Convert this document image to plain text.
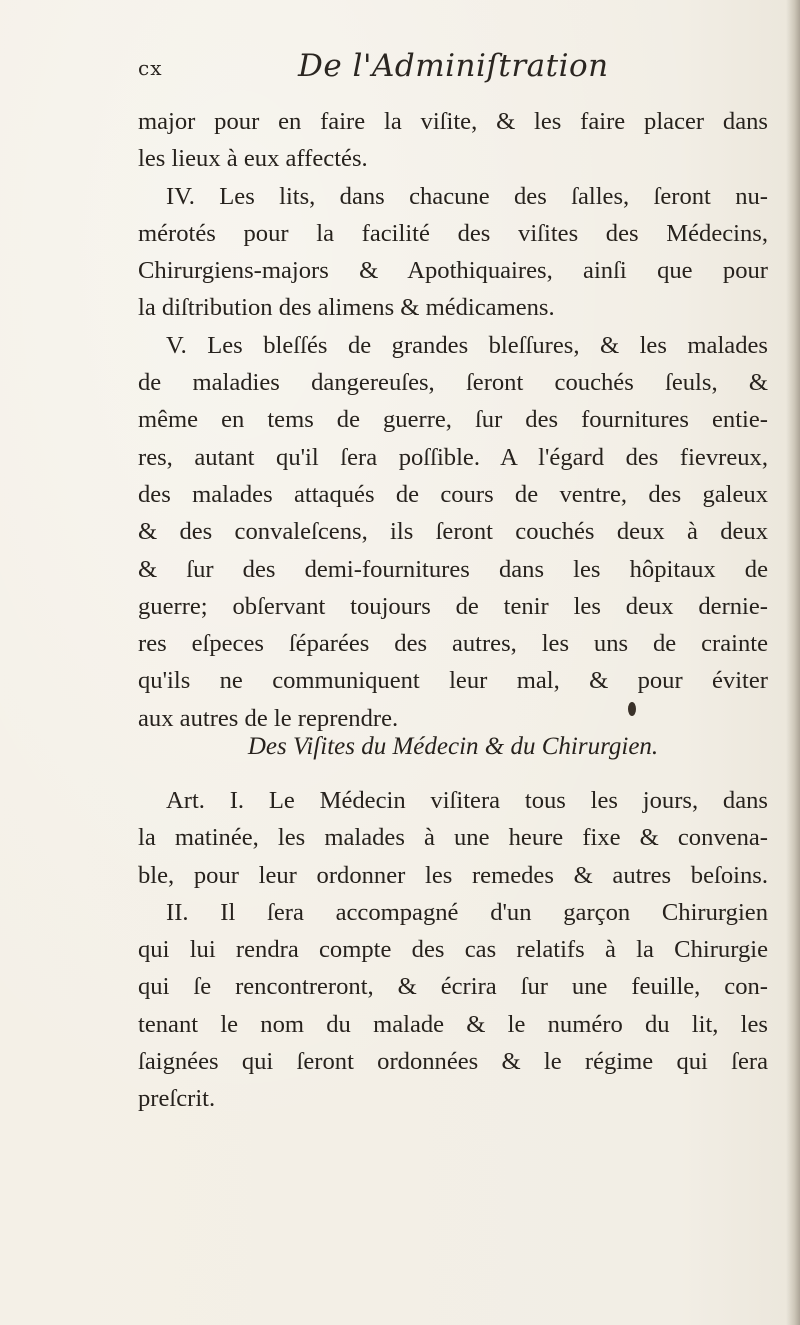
cx	De l'Adminiſtration
major pour en faire la viſite, & les faire placer dans
les lieux à eux affectés.
IV. Les lits, dans chacune des ſalles, ſeront nu-
mérotés pour la facilité des viſites des Médecins,
Chirurgiens-majors & Apothiquaires, ainſi que pour
la diſtribution des alimens & médicamens.
V. Les bleſſés de grandes bleſſures, & les malades
de maladies dangereuſes, ſeront couchés ſeuls, &
même en tems de guerre, ſur des fournitures entie-
res, autant qu'il ſera poſſible. A l'égard des fievreux,
des malades attaqués de cours de ventre, des galeux
& des convaleſcens, ils ſeront couchés deux à deux
& ſur des demi-fournitures dans les hôpitaux de
guerre; obſervant toujours de tenir les deux dernie-
res eſpeces ſéparées des autres, les uns de crainte
qu'ils ne communiquent leur mal, & pour éviter
aux autres de le reprendre.
Des Viſites du Médecin & du Chirurgien.
Art. I. Le Médecin viſitera tous les jours, dans
la matinée, les malades à une heure fixe & convena-
ble, pour leur ordonner les remedes & autres beſoins.
II. Il ſera accompagné d'un garçon Chirurgien
qui lui rendra compte des cas relatifs à la Chirurgie
qui ſe rencontreront, & écrira ſur une feuille, con-
tenant le nom du malade & le numéro du lit, les
ſaignées qui ſeront ordonnées & le régime qui ſera
preſcrit.
